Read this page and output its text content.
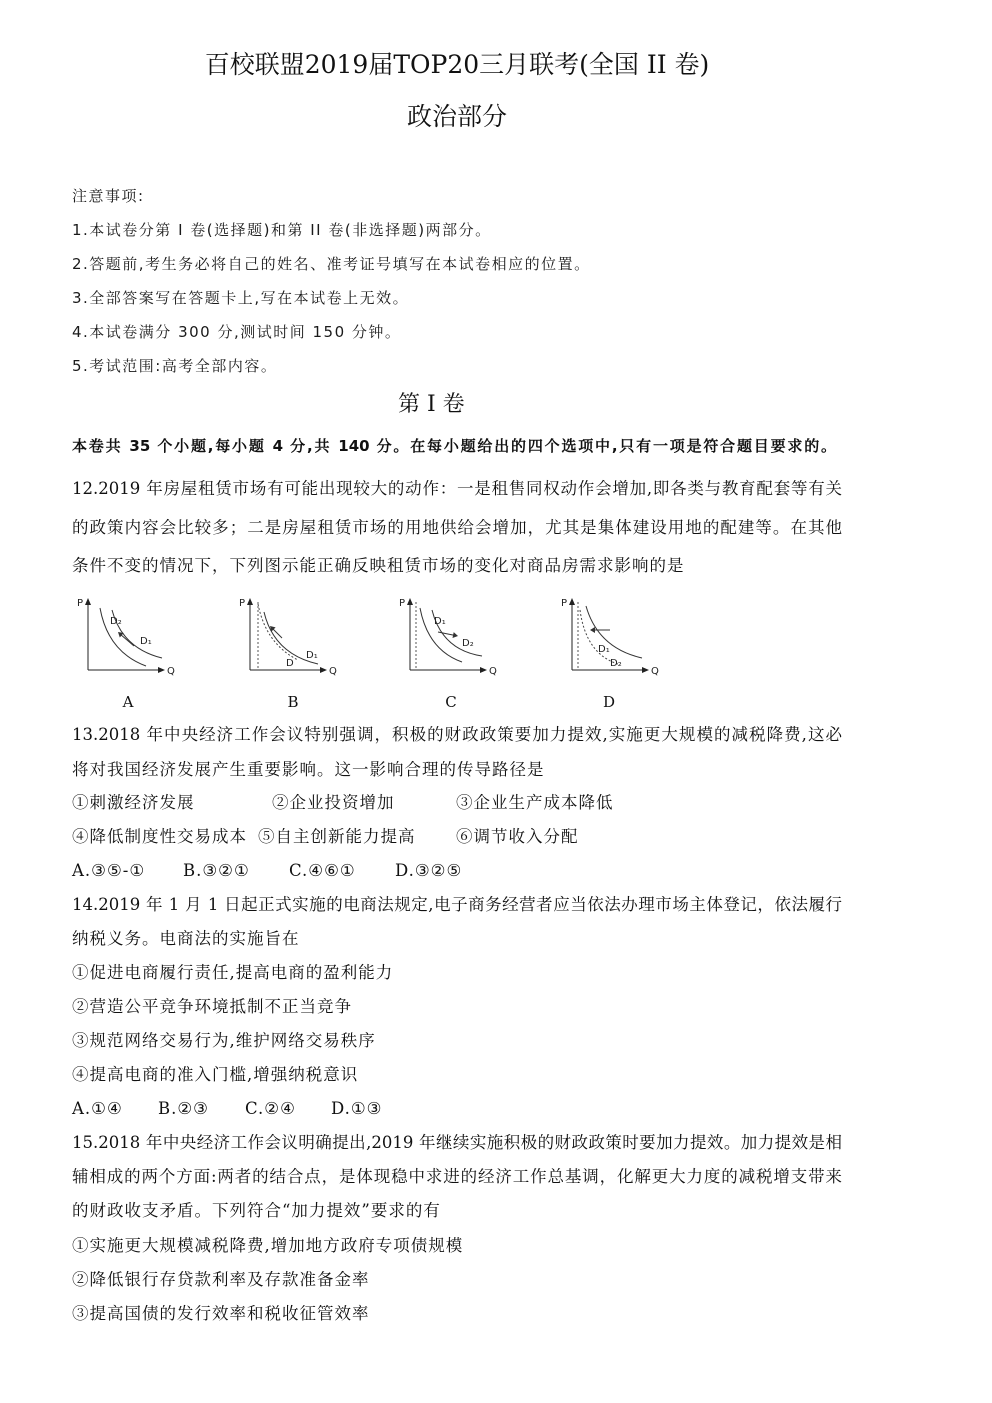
百校联盟2019届TOP20三月联考(全国 II 卷)
政治部分
注意事项:
1.本试卷分第 I 卷(选择题)和第 II 卷(非选择题)两部分。
2.答题前,考生务必将自己的姓名、准考证号填写在本试卷相应的位置。
3.全部答案写在答题卡上,写在本试卷上无效。
4.本试卷满分 300 分,测试时间 150 分钟。
5.考试范围:高考全部内容。
第 I 卷
本卷共 35 个小题,每小题 4 分,共 140 分。在每小题给出的四个选项中,只有一项是符合题目要求的。
12.2019 年房屋租赁市场有可能出现较大的动作：一是租售同权动作会增加,即各类与教育配套等有关
的政策内容会比较多；二是房屋租赁市场的用地供给会增加，尤其是集体建设用地的配建等。在其他
条件不变的情况下，下列图示能正确反映租赁市场的变化对商品房需求影响的是
P
Q
D₂
D₁
P
Q
D
D₁
P
Q
D₁
D₂
P
Q
D₁
D₂
A	B	C	D
13.2018 年中央经济工作会议特别强调，积极的财政政策要加力提效,实施更大规模的减税降费,这必
将对我国经济发展产生重要影响。这一影响合理的传导路径是
①刺激经济发展	②企业投资增加	③企业生产成本降低
④降低制度性交易成本 ⑤自主创新能力提高 ⑥调节收入分配
A.③⑤-① B.③②① C.④⑥① D.③②⑤
14.2019 年 1 月 1 日起正式实施的电商法规定,电子商务经营者应当依法办理市场主体登记，依法履行
纳税义务。电商法的实施旨在
①促进电商履行责任,提高电商的盈利能力
②营造公平竞争环境抵制不正当竞争
③规范网络交易行为,维护网络交易秩序
④提高电商的准入门槛,增强纳税意识
A.①④ B.②③ C.②④ D.①③
15.2018 年中央经济工作会议明确提出,2019 年继续实施积极的财政政策时要加力提效。加力提效是相
辅相成的两个方面:两者的结合点，是体现稳中求进的经济工作总基调，化解更大力度的减税增支带来
的财政收支矛盾。下列符合“加力提效”要求的有
①实施更大规模减税降费,增加地方政府专项债规模
②降低银行存贷款利率及存款准备金率
③提高国债的发行效率和税收征管效率
